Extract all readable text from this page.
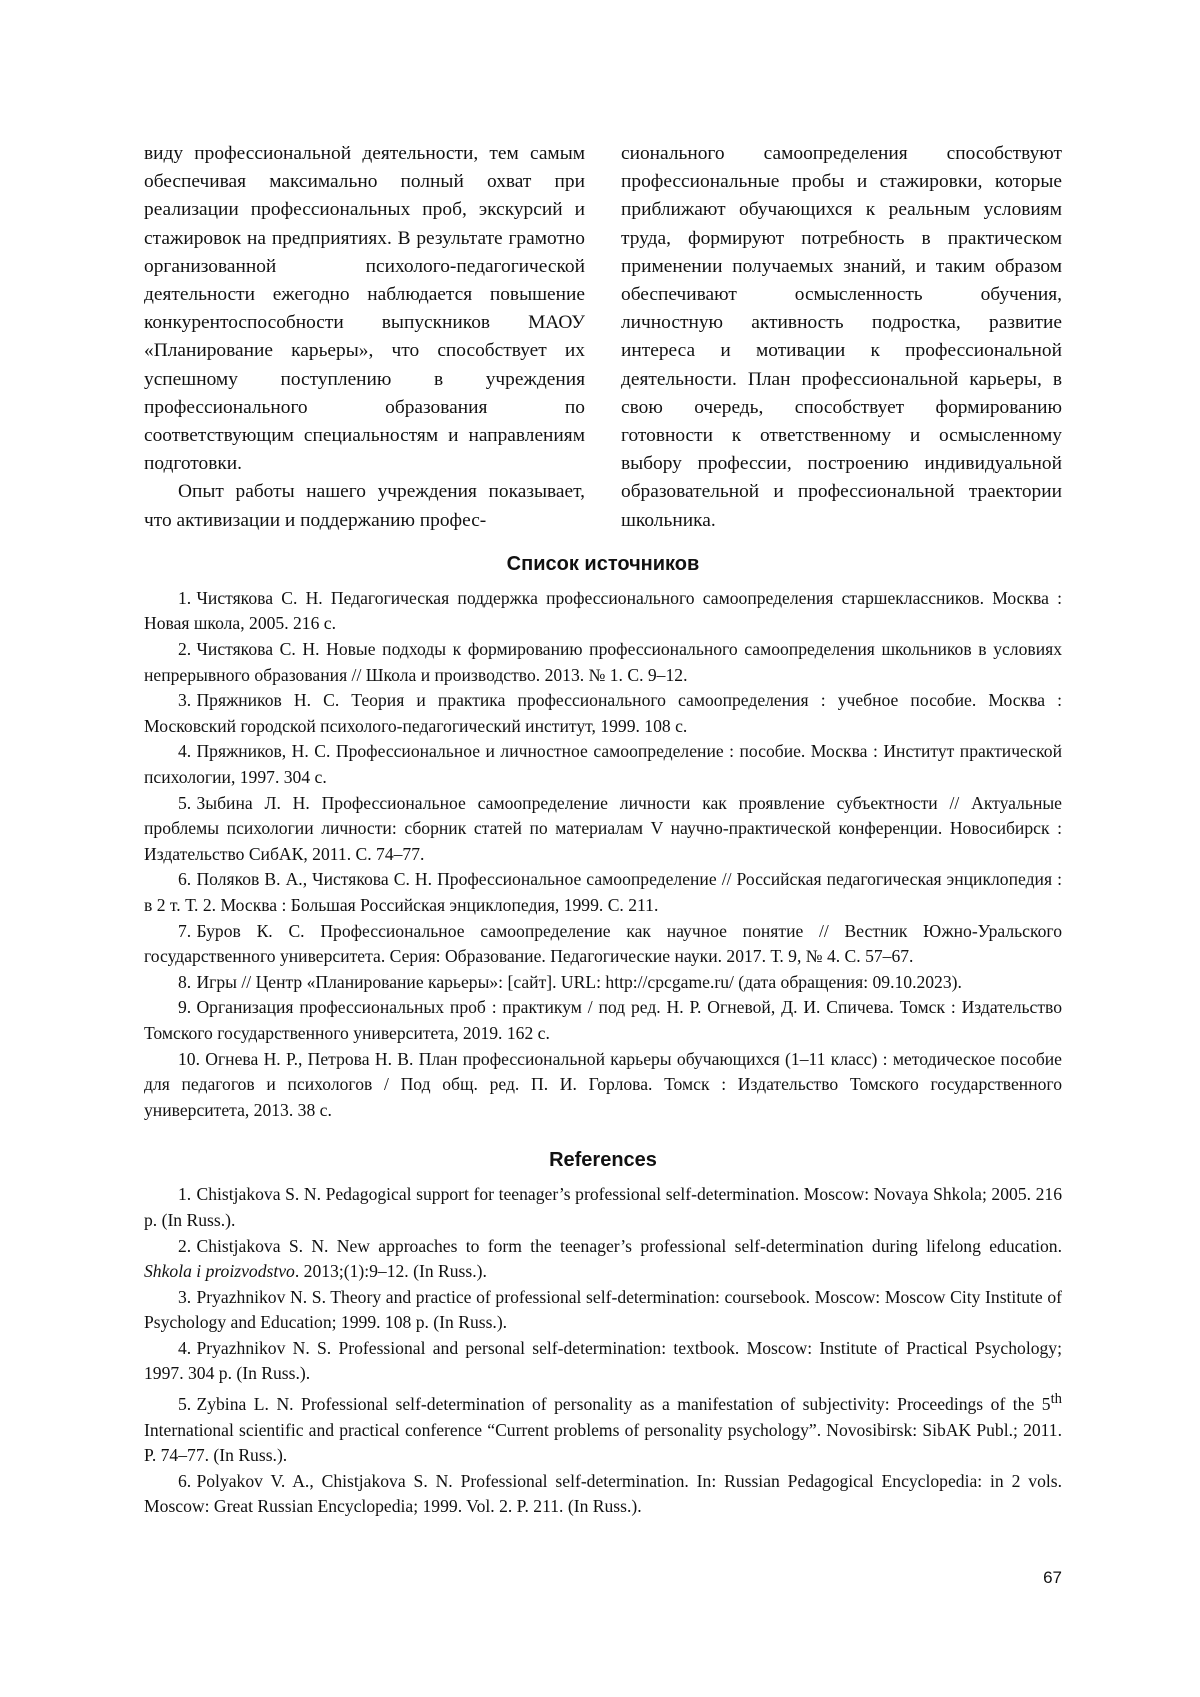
виду профессиональной деятельности, тем самым обеспечивая максимально полный охват при реализации профессиональных проб, экскурсий и стажировок на предприятиях. В результате грамотно организованной психолого-педагогической деятельности ежегодно наблюдается повышение конкурентоспособности выпускников МАОУ «Планирование карьеры», что способствует их успешному поступлению в учреждения профессионального образования по соответствующим специальностям и направлениям подготовки.

Опыт работы нашего учреждения показывает, что активизации и поддержанию профес-

сионального самоопределения способствуют профессиональные пробы и стажировки, которые приближают обучающихся к реальным условиям труда, формируют потребность в практическом применении получаемых знаний, и таким образом обеспечивают осмысленность обучения, личностную активность подростка, развитие интереса и мотивации к профессиональной деятельности. План профессиональной карьеры, в свою очередь, способствует формированию готовности к ответственному и осмысленному выбору профессии, построению индивидуальной образовательной и профессиональной траектории школьника.

Список источников
1. Чистякова С. Н. Педагогическая поддержка профессионального самоопределения старшеклассников. Москва : Новая школа, 2005. 216 с.
2. Чистякова С. Н. Новые подходы к формированию профессионального самоопределения школьников в условиях непрерывного образования // Школа и производство. 2013. № 1. С. 9–12.
3. Пряжников Н. С. Теория и практика профессионального самоопределения : учебное пособие. Москва : Московский городской психолого-педагогический институт, 1999. 108 с.
4. Пряжников, Н. С. Профессиональное и личностное самоопределение : пособие. Москва : Институт практической психологии, 1997. 304 с.
5. Зыбина Л. Н. Профессиональное самоопределение личности как проявление субъектности // Актуальные проблемы психологии личности: сборник статей по материалам V научно-практической конференции. Новосибирск : Издательство СибАК, 2011. С. 74–77.
6. Поляков В. А., Чистякова С. Н. Профессиональное самоопределение // Российская педагогическая энциклопедия : в 2 т. Т. 2. Москва : Большая Российская энциклопедия, 1999. С. 211.
7. Буров К. С. Профессиональное самоопределение как научное понятие // Вестник Южно-Уральского государственного университета. Серия: Образование. Педагогические науки. 2017. Т. 9, № 4. С. 57–67.
8. Игры // Центр «Планирование карьеры»: [сайт]. URL: http://cpcgame.ru/ (дата обращения: 09.10.2023).
9. Организация профессиональных проб : практикум / под ред. Н. Р. Огневой, Д. И. Спичева. Томск : Издательство Томского государственного университета, 2019. 162 с.
10. Огнева Н. Р., Петрова Н. В. План профессиональной карьеры обучающихся (1–11 класс) : методическое пособие для педагогов и психологов / Под общ. ред. П. И. Горлова. Томск : Издательство Томского государственного университета, 2013. 38 с.
References
1. Chistjakova S. N. Pedagogical support for teenager’s professional self-determination. Moscow: Novaya Shkola; 2005. 216 p. (In Russ.).
2. Chistjakova S. N. New approaches to form the teenager’s professional self-determination during lifelong education. Shkola i proizvodstvo. 2013;(1):9–12. (In Russ.).
3. Pryazhnikov N. S. Theory and practice of professional self-determination: coursebook. Moscow: Moscow City Institute of Psychology and Education; 1999. 108 p. (In Russ.).
4. Pryazhnikov N. S. Professional and personal self-determination: textbook. Moscow: Institute of Practical Psychology; 1997. 304 p. (In Russ.).
5. Zybina L. N. Professional self-determination of personality as a manifestation of subjectivity: Proceedings of the 5th International scientific and practical conference “Current problems of personality psychology”. Novosibirsk: SibAK Publ.; 2011. P. 74–77. (In Russ.).
6. Polyakov V. A., Chistjakova S. N. Professional self-determination. In: Russian Pedagogical Encyclopedia: in 2 vols. Moscow: Great Russian Encyclopedia; 1999. Vol. 2. P. 211. (In Russ.).
67
